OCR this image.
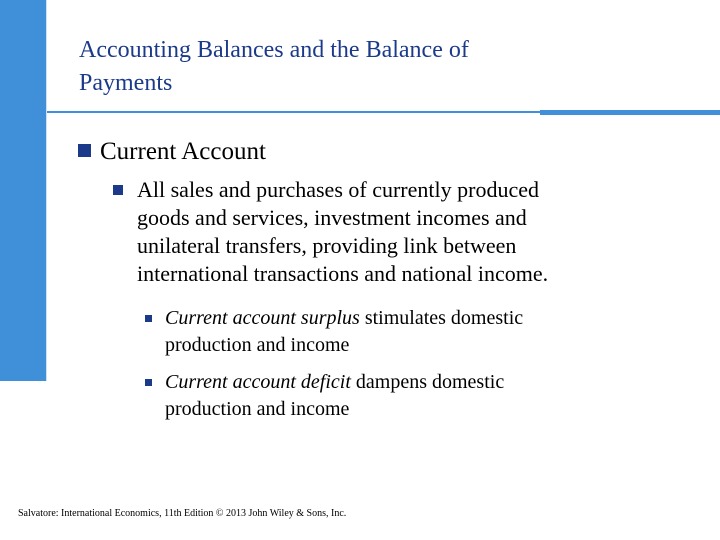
Accounting Balances and the Balance of
Payments
Current Account
All sales and purchases of currently produced
goods and services, investment incomes and
unilateral transfers, providing link between
international transactions and national income.
Current account surplus stimulates domestic
production and income
Current account deficit dampens domestic
production and income
Salvatore: International Economics, 11th Edition © 2013 John Wiley & Sons, Inc.
